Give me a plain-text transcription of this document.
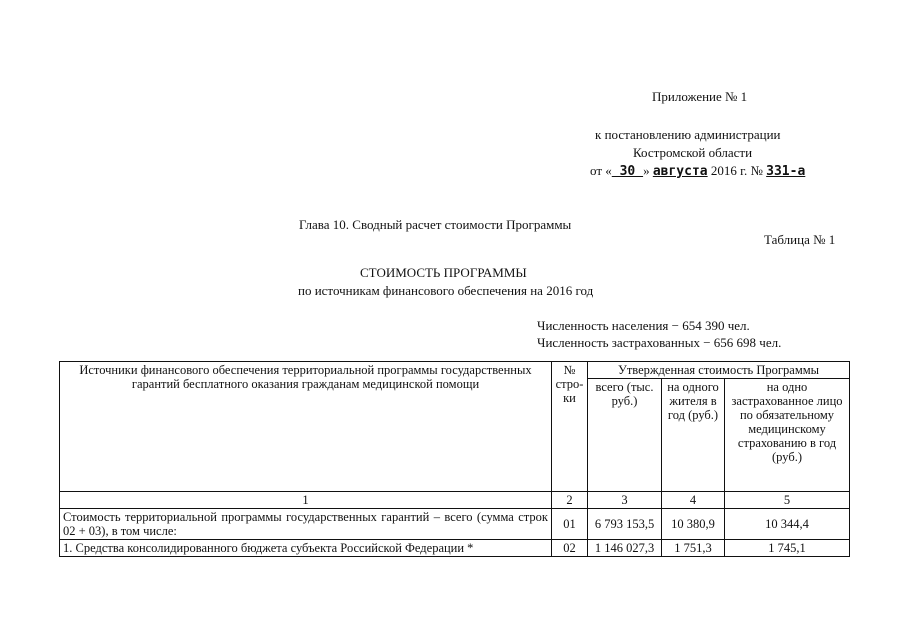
Приложение № 1
к постановлению администрации
Костромской области
от « 30 » августа 2016 г. № 331-а
Глава 10. Сводный расчет стоимости Программы
Таблица № 1
СТОИМОСТЬ ПРОГРАММЫ
по источникам финансового обеспечения на 2016 год
Численность населения − 654 390 чел.
Численность застрахованных − 656 698 чел.
Источники финансового обеспечения территориальной программы государственных гарантий бесплатного оказания гражданам медицинской помощи	№ стро- ки	Утвержденная стоимость Программы		
		всего (тыс. руб.)	на одного жителя в год (руб.)	на одно застрахованное лицо по обязательному медицинскому страхованию в год (руб.)
1	2	3	4	5
Стоимость территориальной программы государственных гарантий – всего (сумма строк 02 + 03), в том числе:	01	6 793 153,5	10 380,9	10 344,4
1. Средства консолидированного бюджета субъекта Российской Федерации *	02	1 146 027,3	1 751,3	1 745,1
